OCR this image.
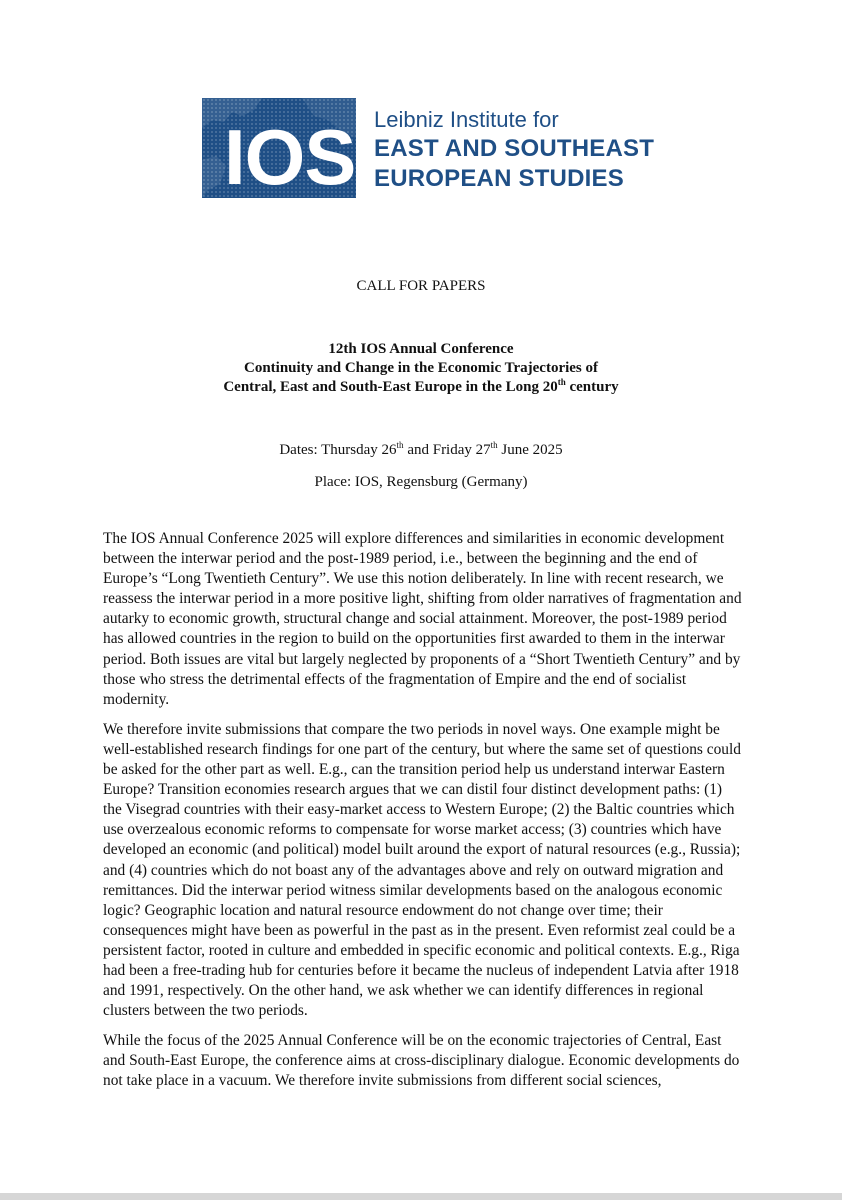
IOS Leibniz Institute for
EAST AND SOUTHEAST
EUROPEAN STUDIES
CALL FOR PAPERS
12th IOS Annual Conference
Continuity and Change in the Economic Trajectories of
Central, East and South-East Europe in the Long 20th century
Dates: Thursday 26th and Friday 27th June 2025
Place: IOS, Regensburg (Germany)

The IOS Annual Conference 2025 will explore differences and similarities in economic development between the interwar period and the post-1989 period, i.e., between the beginning and the end of Europe’s “Long Twentieth Century”. We use this notion deliberately. In line with recent research, we reassess the interwar period in a more positive light, shifting from older narratives of fragmentation and autarky to economic growth, structural change and social attainment. Moreover, the post-1989 period has allowed countries in the region to build on the opportunities first awarded to them in the interwar period. Both issues are vital but largely neglected by proponents of a “Short Twentieth Century” and by those who stress the detrimental effects of the fragmentation of Empire and the end of socialist modernity.

We therefore invite submissions that compare the two periods in novel ways. One example might be well-established research findings for one part of the century, but where the same set of questions could be asked for the other part as well. E.g., can the transition period help us understand interwar Eastern Europe? Transition economies research argues that we can distil four distinct development paths: (1) the Visegrad countries with their easy-market access to Western Europe; (2) the Baltic countries which use overzealous economic reforms to compensate for worse market access; (3) countries which have developed an economic (and political) model built around the export of natural resources (e.g., Russia); and (4) countries which do not boast any of the advantages above and rely on outward migration and remittances. Did the interwar period witness similar developments based on the analogous economic logic? Geographic location and natural resource endowment do not change over time; their consequences might have been as powerful in the past as in the present. Even reformist zeal could be a persistent factor, rooted in culture and embedded in specific economic and political contexts. E.g., Riga had been a free-trading hub for centuries before it became the nucleus of independent Latvia after 1918 and 1991, respectively. On the other hand, we ask whether we can identify differences in regional clusters between the two periods.

While the focus of the 2025 Annual Conference will be on the economic trajectories of Central, East and South-East Europe, the conference aims at cross-disciplinary dialogue. Economic developments do not take place in a vacuum. We therefore invite submissions from different social sciences,
